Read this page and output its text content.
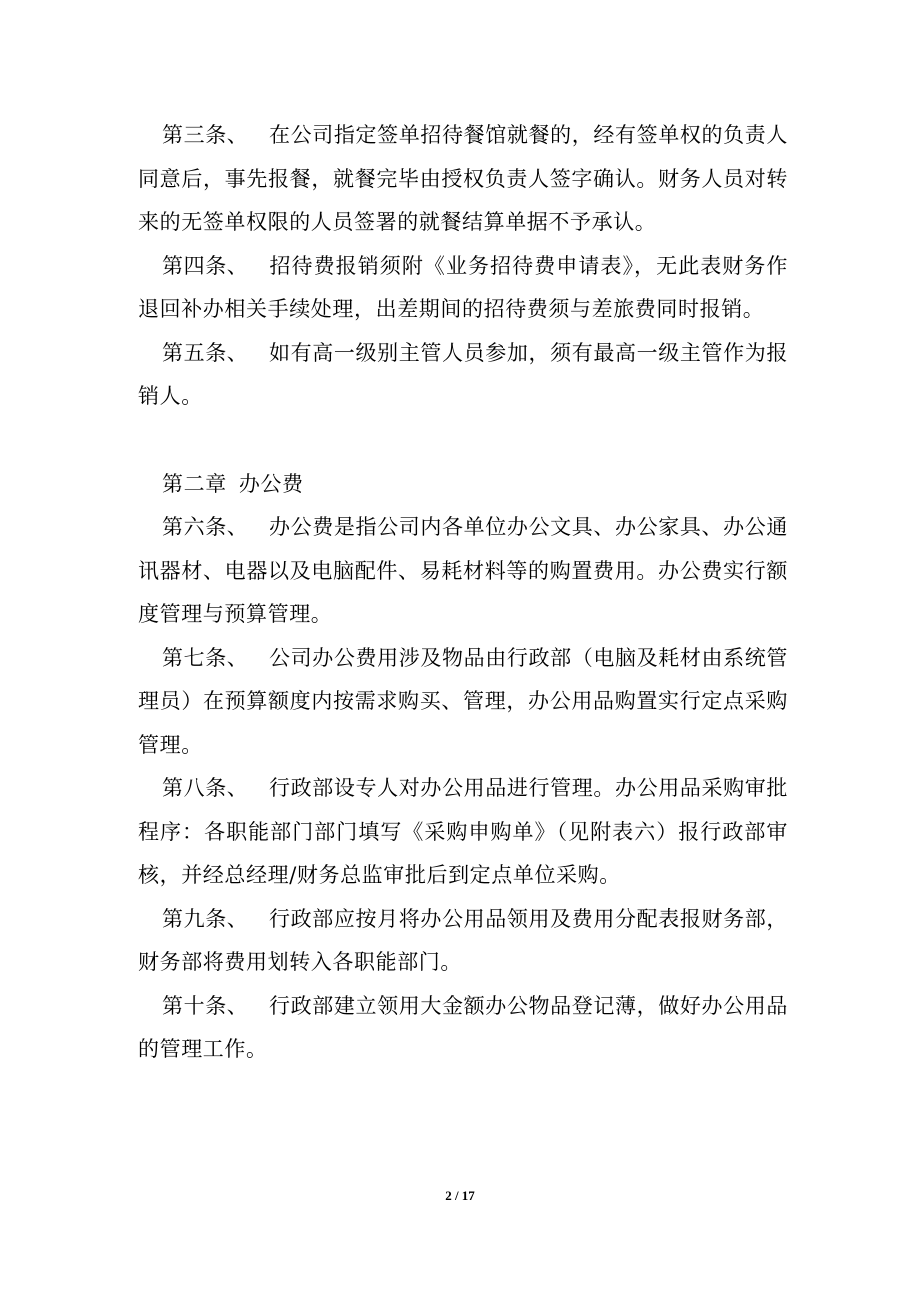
第三条、 在公司指定签单招待餐馆就餐的，经有签单权的负责人同意后，事先报餐，就餐完毕由授权负责人签字确认。财务人员对转来的无签单权限的人员签署的就餐结算单据不予承认。

第四条、 招待费报销须附《业务招待费申请表》，无此表财务作退回补办相关手续处理，出差期间的招待费须与差旅费同时报销。

第五条、 如有高一级别主管人员参加，须有最高一级主管作为报销人。

第二章 办公费

第六条、 办公费是指公司内各单位办公文具、办公家具、办公通讯器材、电器以及电脑配件、易耗材料等的购置费用。办公费实行额度管理与预算管理。

第七条、 公司办公费用涉及物品由行政部（电脑及耗材由系统管理员）在预算额度内按需求购买、管理，办公用品购置实行定点采购管理。

第八条、 行政部设专人对办公用品进行管理。办公用品采购审批程序：各职能部门部门填写《采购申购单》（见附表六）报行政部审核，并经总经理/财务总监审批后到定点单位采购。

第九条、 行政部应按月将办公用品领用及费用分配表报财务部，财务部将费用划转入各职能部门。

第十条、 行政部建立领用大金额办公物品登记薄，做好办公用品的管理工作。

2 / 17
